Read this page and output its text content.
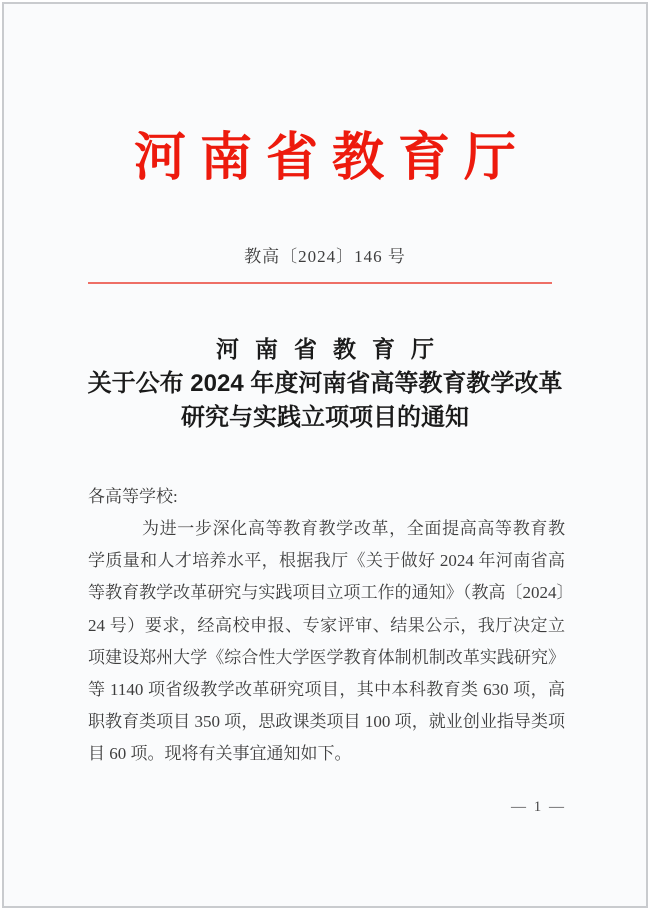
河南省教育厅
教高〔2024〕146 号
河南省教育厅
关于公布 2024 年度河南省高等教育教学改革
研究与实践立项项目的通知
各高等学校:
为进一步深化高等教育教学改革，全面提高高等教育教学质量和人才培养水平，根据我厅《关于做好 2024 年河南省高等教育教学改革研究与实践项目立项工作的通知》（教高〔2024〕24 号）要求，经高校申报、专家评审、结果公示，我厅决定立项建设郑州大学《综合性大学医学教育体制机制改革实践研究》等 1140 项省级教学改革研究项目，其中本科教育类 630 项，高职教育类项目 350 项，思政课类项目 100 项，就业创业指导类项目 60 项。现将有关事宜通知如下。
— 1 —
